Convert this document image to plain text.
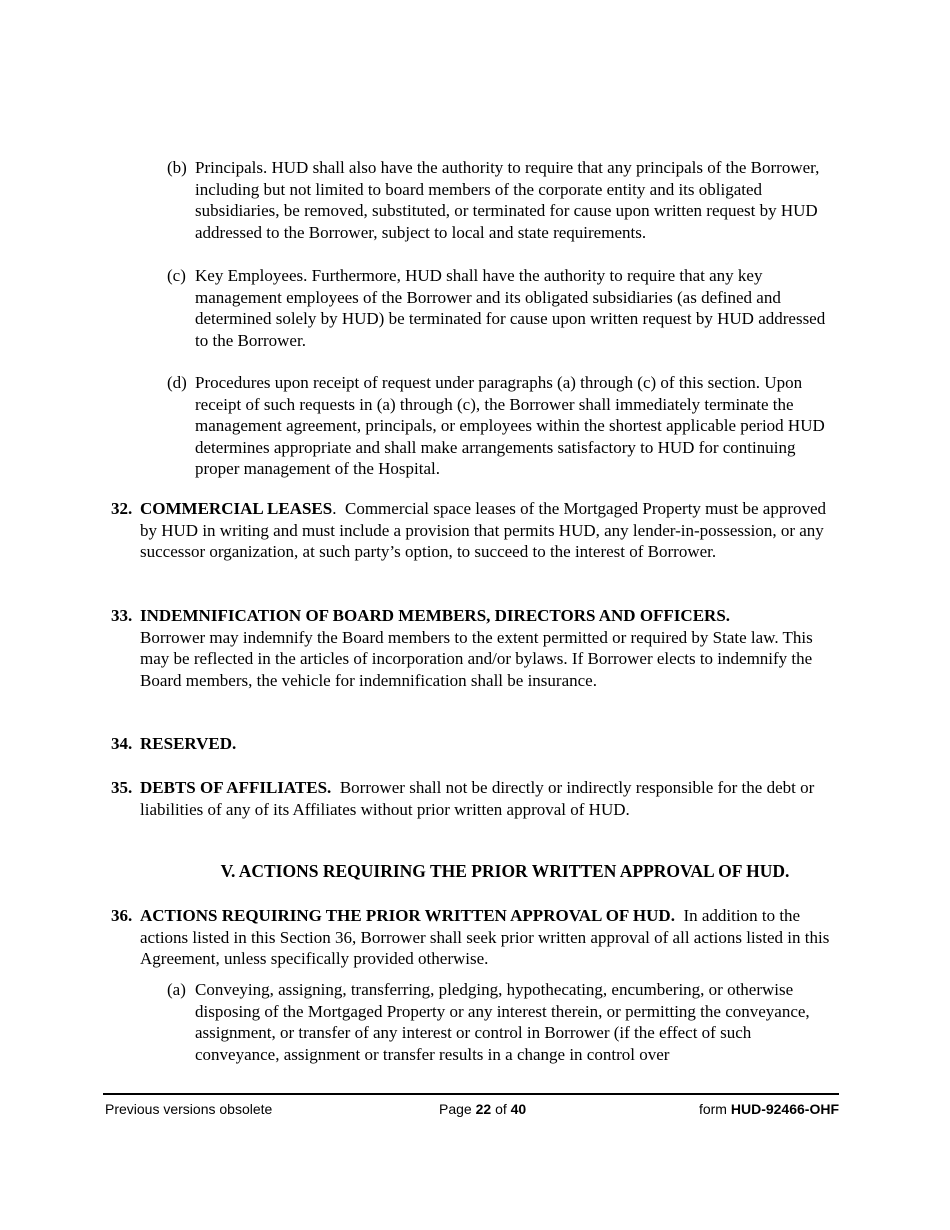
(b) Principals. HUD shall also have the authority to require that any principals of the Borrower, including but not limited to board members of the corporate entity and its obligated subsidiaries, be removed, substituted, or terminated for cause upon written request by HUD addressed to the Borrower, subject to local and state requirements.
(c) Key Employees. Furthermore, HUD shall have the authority to require that any key management employees of the Borrower and its obligated subsidiaries (as defined and determined solely by HUD) be terminated for cause upon written request by HUD addressed to the Borrower.
(d) Procedures upon receipt of request under paragraphs (a) through (c) of this section. Upon receipt of such requests in (a) through (c), the Borrower shall immediately terminate the management agreement, principals, or employees within the shortest applicable period HUD determines appropriate and shall make arrangements satisfactory to HUD for continuing proper management of the Hospital.
32. COMMERCIAL LEASES. Commercial space leases of the Mortgaged Property must be approved by HUD in writing and must include a provision that permits HUD, any lender-in-possession, or any successor organization, at such party’s option, to succeed to the interest of Borrower.
33. INDEMNIFICATION OF BOARD MEMBERS, DIRECTORS AND OFFICERS.
Borrower may indemnify the Board members to the extent permitted or required by State law. This may be reflected in the articles of incorporation and/or bylaws. If Borrower elects to indemnify the Board members, the vehicle for indemnification shall be insurance.
34. RESERVED.
35. DEBTS OF AFFILIATES. Borrower shall not be directly or indirectly responsible for the debt or liabilities of any of its Affiliates without prior written approval of HUD.
V. ACTIONS REQUIRING THE PRIOR WRITTEN APPROVAL OF HUD.
36. ACTIONS REQUIRING THE PRIOR WRITTEN APPROVAL OF HUD. In addition to the actions listed in this Section 36, Borrower shall seek prior written approval of all actions listed in this Agreement, unless specifically provided otherwise.
(a) Conveying, assigning, transferring, pledging, hypothecating, encumbering, or otherwise disposing of the Mortgaged Property or any interest therein, or permitting the conveyance, assignment, or transfer of any interest or control in Borrower (if the effect of such conveyance, assignment or transfer results in a change in control over
Previous versions obsolete	Page 22 of 40	form HUD-92466-OHF
